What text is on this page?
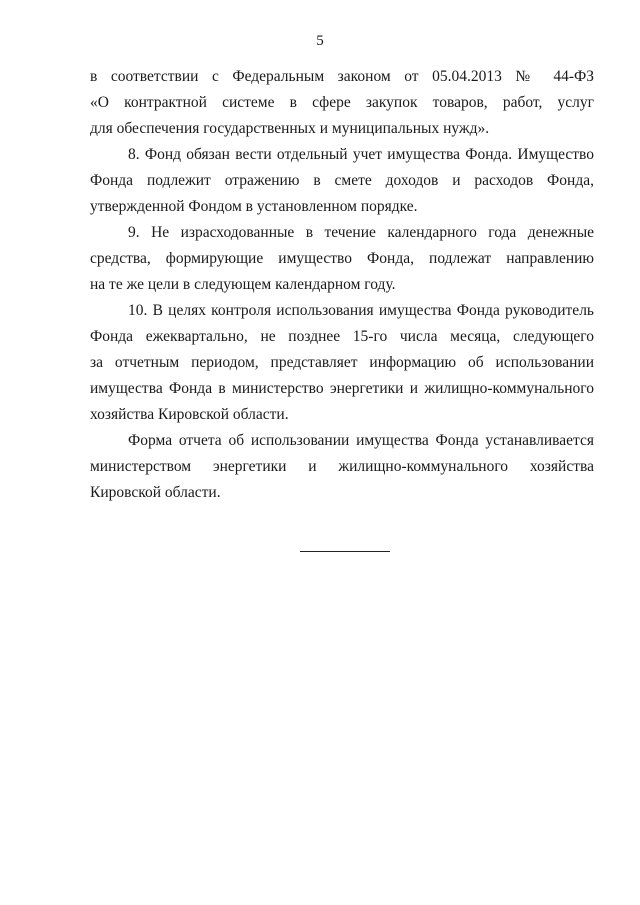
5
в соответствии с Федеральным законом от 05.04.2013 № 44-ФЗ
«О контрактной системе в сфере закупок товаров, работ, услуг
для обеспечения государственных и муниципальных нужд».
8. Фонд обязан вести отдельный учет имущества Фонда. Имущество
Фонда подлежит отражению в смете доходов и расходов Фонда,
утвержденной Фондом в установленном порядке.
9. Не израсходованные в течение календарного года денежные
средства, формирующие имущество Фонда, подлежат направлению
на те же цели в следующем календарном году.
10. В целях контроля использования имущества Фонда руководитель
Фонда ежеквартально, не позднее 15-го числа месяца, следующего
за отчетным периодом, представляет информацию об использовании
имущества Фонда в министерство энергетики и жилищно-коммунального
хозяйства Кировской области.
Форма отчета об использовании имущества Фонда устанавливается
министерством энергетики и жилищно-коммунального хозяйства
Кировской области.
